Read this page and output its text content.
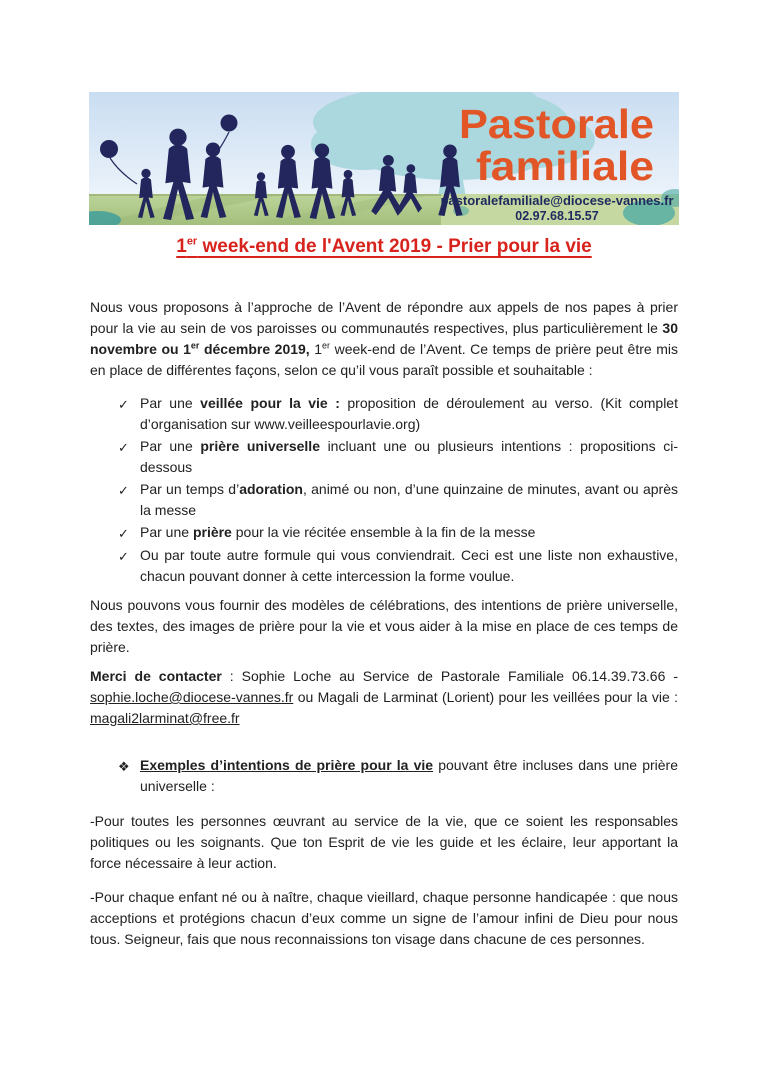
Pastorale
familiale
pastoralefamiliale@diocese-vannes.fr
02.97.68.15.57
1er week-end de l'Avent 2019 - Prier pour la vie

Nous vous proposons à l’approche de l’Avent de répondre aux appels de nos papes à prier pour la vie au sein de vos paroisses ou communautés respectives, plus particulièrement le 30 novembre ou 1er décembre 2019, 1er week-end de l’Avent. Ce temps de prière peut être mis en place de différentes façons, selon ce qu’il vous paraît possible et souhaitable :

✓ Par une veillée pour la vie : proposition de déroulement au verso. (Kit complet d’organisation sur www.veilleespourlavie.org)
✓ Par une prière universelle incluant une ou plusieurs intentions : propositions ci-dessous
✓ Par un temps d’adoration, animé ou non, d’une quinzaine de minutes, avant ou après la messe
✓ Par une prière pour la vie récitée ensemble à la fin de la messe
✓ Ou par toute autre formule qui vous conviendrait. Ceci est une liste non exhaustive, chacun pouvant donner à cette intercession la forme voulue.

Nous pouvons vous fournir des modèles de célébrations, des intentions de prière universelle, des textes, des images de prière pour la vie et vous aider à la mise en place de ces temps de prière.

Merci de contacter : Sophie Loche au Service de Pastorale Familiale 06.14.39.73.66 - sophie.loche@diocese-vannes.fr ou Magali de Larminat (Lorient) pour les veillées pour la vie : magali2larminat@free.fr

❖ Exemples d’intentions de prière pour la vie pouvant être incluses dans une prière universelle :

-Pour toutes les personnes œuvrant au service de la vie, que ce soient les responsables politiques ou les soignants. Que ton Esprit de vie les guide et les éclaire, leur apportant la force nécessaire à leur action.

-Pour chaque enfant né ou à naître, chaque vieillard, chaque personne handicapée : que nous acceptions et protégions chacun d’eux comme un signe de l’amour infini de Dieu pour nous tous. Seigneur, fais que nous reconnaissions ton visage dans chacune de ces personnes.
